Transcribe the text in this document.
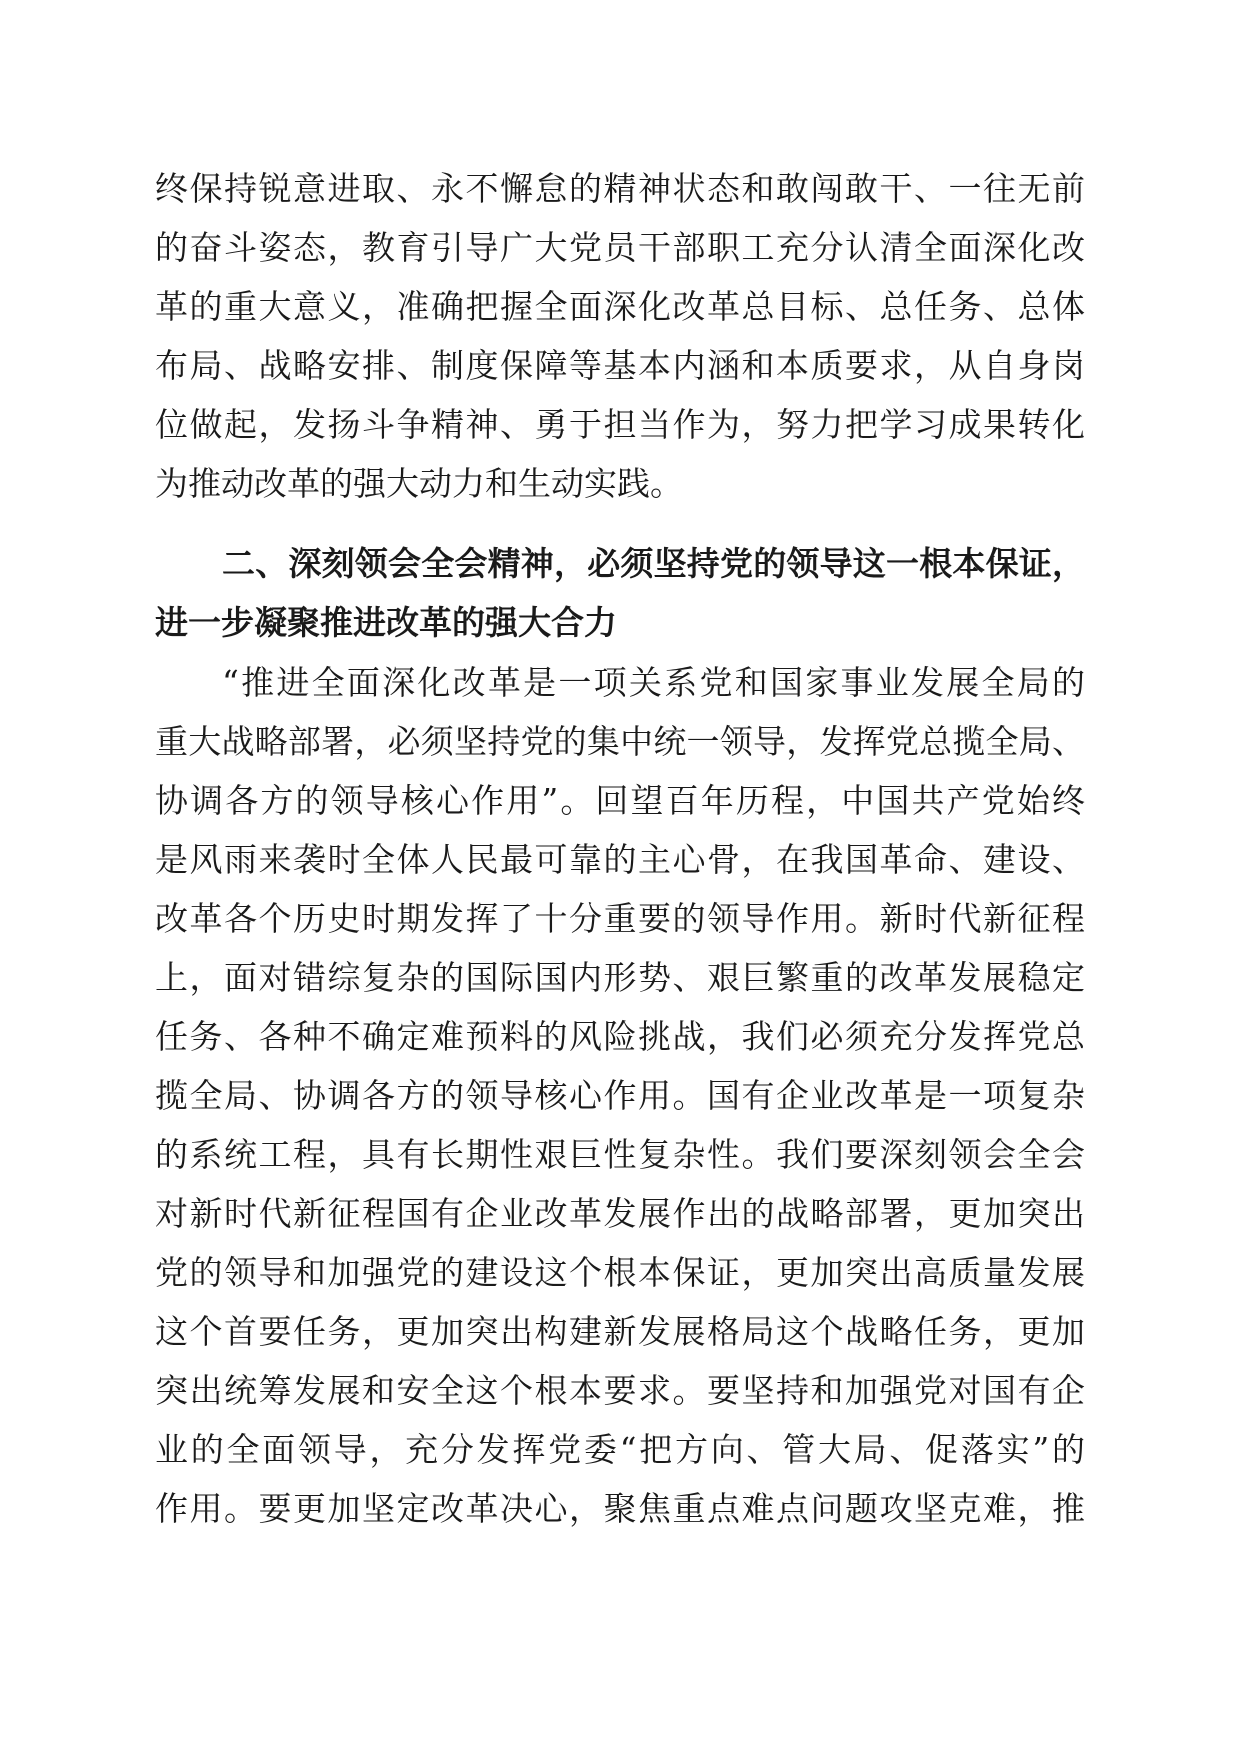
终保持锐意进取、永不懈怠的精神状态和敢闯敢干、一往无前
的奋斗姿态，教育引导广大党员干部职工充分认清全面深化改
革的重大意义，准确把握全面深化改革总目标、总任务、总体
布局、战略安排、制度保障等基本内涵和本质要求，从自身岗
位做起，发扬斗争精神、勇于担当作为，努力把学习成果转化
为推动改革的强大动力和生动实践。
二、深刻领会全会精神，必须坚持党的领导这一根本保证，
进一步凝聚推进改革的强大合力
“推进全面深化改革是一项关系党和国家事业发展全局的
重大战略部署，必须坚持党的集中统一领导，发挥党总揽全局、
协调各方的领导核心作用”。回望百年历程，中国共产党始终
是风雨来袭时全体人民最可靠的主心骨，在我国革命、建设、
改革各个历史时期发挥了十分重要的领导作用。新时代新征程
上，面对错综复杂的国际国内形势、艰巨繁重的改革发展稳定
任务、各种不确定难预料的风险挑战，我们必须充分发挥党总
揽全局、协调各方的领导核心作用。国有企业改革是一项复杂
的系统工程，具有长期性艰巨性复杂性。我们要深刻领会全会
对新时代新征程国有企业改革发展作出的战略部署，更加突出
党的领导和加强党的建设这个根本保证，更加突出高质量发展
这个首要任务，更加突出构建新发展格局这个战略任务，更加
突出统筹发展和安全这个根本要求。要坚持和加强党对国有企
业的全面领导，充分发挥党委“把方向、管大局、促落实”的
作用。要更加坚定改革决心，聚焦重点难点问题攻坚克难，推
